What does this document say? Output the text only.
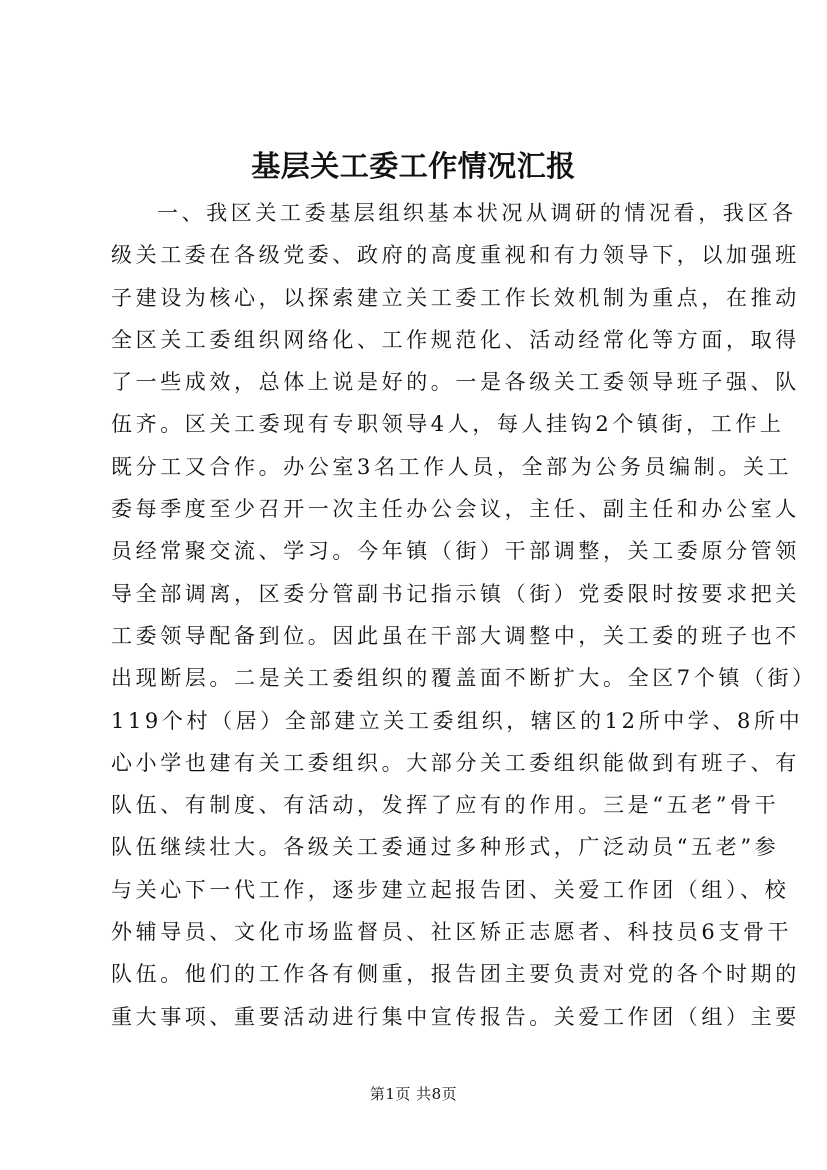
基层关工委工作情况汇报
一、我区关工委基层组织基本状况从调研的情况看，我区各
级关工委在各级党委、政府的高度重视和有力领导下，以加强班
子建设为核心，以探索建立关工委工作长效机制为重点，在推动
全区关工委组织网络化、工作规范化、活动经常化等方面，取得
了一些成效，总体上说是好的。一是各级关工委领导班子强、队
伍齐。区关工委现有专职领导4人，每人挂钩2个镇街，工作上
既分工又合作。办公室3名工作人员，全部为公务员编制。关工
委每季度至少召开一次主任办公会议，主任、副主任和办公室人
员经常聚交流、学习。今年镇（街）干部调整，关工委原分管领
导全部调离，区委分管副书记指示镇（街）党委限时按要求把关
工委领导配备到位。因此虽在干部大调整中，关工委的班子也不
出现断层。二是关工委组织的覆盖面不断扩大。全区7个镇（街）
119个村（居）全部建立关工委组织，辖区的12所中学、8所中
心小学也建有关工委组织。大部分关工委组织能做到有班子、有
队伍、有制度、有活动，发挥了应有的作用。三是“五老”骨干
队伍继续壮大。各级关工委通过多种形式，广泛动员“五老”参
与关心下一代工作，逐步建立起报告团、关爱工作团（组）、校
外辅导员、文化市场监督员、社区矫正志愿者、科技员6支骨干
队伍。他们的工作各有侧重，报告团主要负责对党的各个时期的
重大事项、重要活动进行集中宣传报告。关爱工作团（组）主要
第1页 共8页
